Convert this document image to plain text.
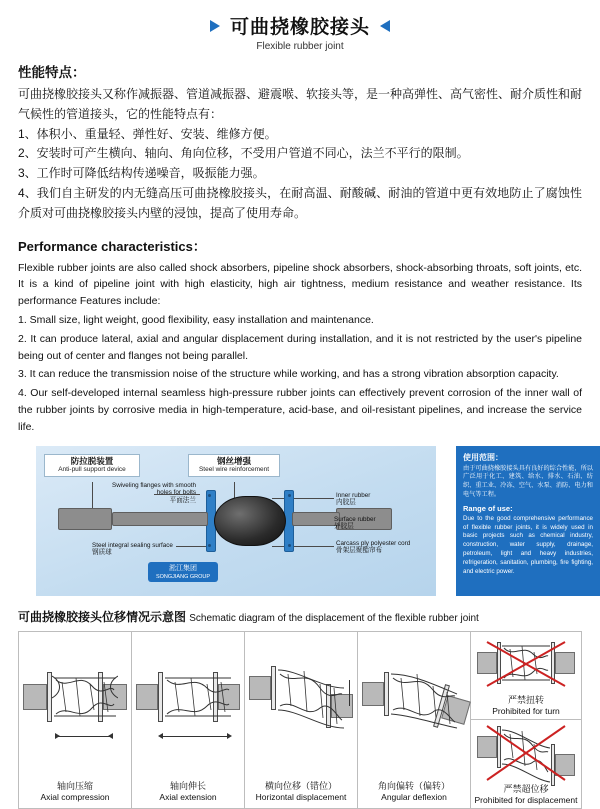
可曲挠橡胶接头
Flexible rubber joint
性能特点：

可曲挠橡胶接头又称作减振器、管道减振器、避震喉、软接头等，是一种高弹性、高气密性、耐介质性和耐气候性的管道接头，它的性能特点有：

1、体积小、重量轻、弹性好、安装、维修方便。

2、安装时可产生横向、轴向、角向位移，不受用户管道不同心，法兰不平行的限制。

3、工作时可降低结构传递噪音，吸振能力强。

4、我们自主研发的内无缝高压可曲挠橡胶接头，在耐高温、耐酸碱、耐油的管道中更有效地防止了腐蚀性介质对可曲挠橡胶接头内壁的浸蚀，提高了使用寿命。

Performance characteristics：

Flexible rubber joints are also called shock absorbers, pipeline shock absorbers, shock-absorbing throats, soft joints, etc. It is a kind of pipeline joint with high elasticity, high air tightness, medium resistance and weather resistance. Its performance Features include:

1. Small size, light weight, good flexibility, easy installation and maintenance.

2. It can produce lateral, axial and angular displacement during installation, and it is not restricted by the user's pipeline being out of center and flanges not being parallel.

3. It can reduce the transmission noise of the structure while working, and has a strong vibration absorption capacity.

4. Our self-developed internal seamless high-pressure rubber joints can effectively prevent corrosion of the inner wall of the rubber joints by corrosive media in high-temperature, acid-base, and oil-resistant pipelines, and increase the service life.

防拉脱装置
Anti-pull support device
钢丝增强
Steel wire reinforcement
Inner rubber
内胶层
Surface rubber
外胶层
Carcass ply polyester cord
骨架层聚酯帘布
Swiveling flanges with smooth holes for bolts
平面法兰
Steel integral sealing surface
钢质球
淞江集团
SONGJIANG GROUP
使用范围：
由于可曲挠橡胶接头具有良好的综合性能，所以广泛用于化工、建筑、给水、排水、石油、纺织、重工业、冷冻、空气、水泵、消防、电力和电气等工程。
Range of use:
Due to the good comprehensive performance of flexible rubber joints, it is widely used in basic projects such as chemical industry, construction, water supply, drainage, petroleum, light and heavy industries, refrigeration, sanitation, plumbing, fire fighting, and electric power.
可曲挠橡胶接头位移情况示意图 Schematic diagram of the displacement of the flexible rubber joint
轴向压缩
Axial compression
轴向伸长
Axial extension
横向位移（错位）
Horizontal displacement
角向偏转（偏转）
Angular deflexion
严禁扭转
Prohibited for turn
严禁超位移
Prohibited for displacement
